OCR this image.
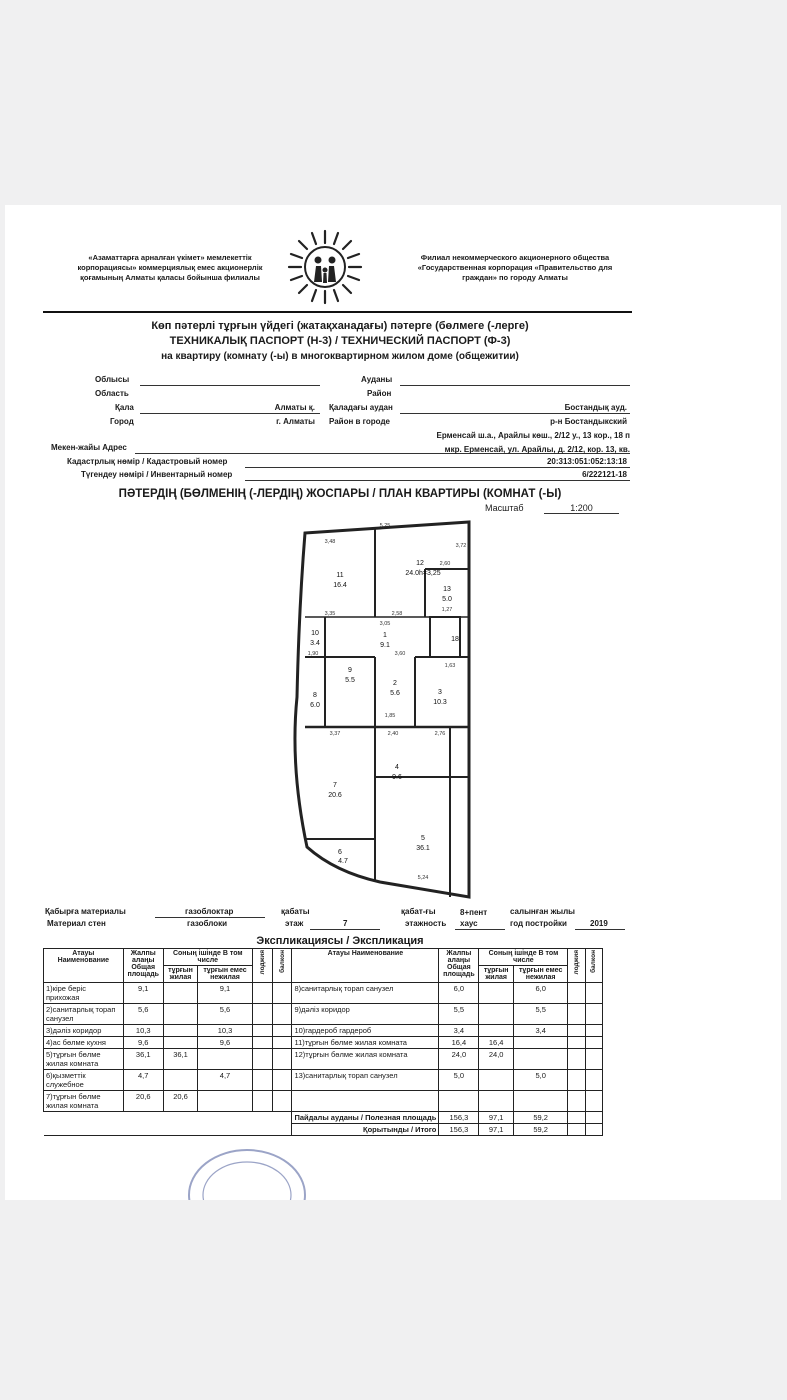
«Азаматтарға арналған үкімет» мемлекеттік корпорациясы» коммерциялық емес акционерлік қоғамының Алматы қаласы бойынша филиалы
Филиал некоммерческого акционерного общества «Государственная корпорация «Правительство для граждан» по городу Алматы
Көп пәтерлі тұрғын үйдегі (жатақханадағы) пәтерге (бөлмеге (-лерге)
ТЕХНИКАЛЫҚ ПАСПОРТ (Н-3) / ТЕХНИЧЕСКИЙ ПАСПОРТ (Ф-3)
на квартиру (комнату (-ы) в многоквартирном жилом доме (общежитии)
Облысы
Область
Қала	Алматы қ.
Город	г. Алматы
Ауданы
Район
Қаладағы аудан	Бостандық ауд.
Район в городе	р-н Бостандыкский
Мекен-жайы Адрес
Ерменсай ш.а., Арайлы көш., 2/12 у., 13 кор., 18 п
мкр. Ерменсай, ул. Арайлы, д. 2/12, кор. 13, кв.
Кадастрлық нөмір / Кадастровый номер	20:313:051:052:13:18
Түгендеу нөмірі / Инвентарный номер	6/222121-18
ПӘТЕРДІҢ (БӨЛМЕНІҢ (-ЛЕРДІҢ) ЖОСПАРЫ / ПЛАН КВАРТИРЫ (КОМНАТ (-Ы)
Масштаб	1:200
12
24.0h=3,25
11
16.4
13
5.0
10
3.4
1
9.1
18
9
5.5
8
6.0
2
5.6	3
10.3
7
20.6
4
9.6
6
4.7
5
36.1
5,25
3,48
3,72
2,60
1,27
3,35	2,58
3,05
1,90	3,60
1,63
1,85
3,37	2,40	2,76
5,24
Қабырға материалы
Материал стен
газоблоктар
газоблоки
қабаты
этаж	7
қабат-ғы
этажность
8+пент хаус
салынған жылы
год постройки	2019
Экспликациясы / Экспликация
Атауы Наименование	Жалпы алаңы Общая площадь	Соның ішінде В том числе		лоджия	балкон	Атауы Наименование	Жалпы алаңы Общая площадь	Соның ішінде В том числе		лоджия	балкон
		тұрғын жилая	тұрғын емес нежилая					тұрғын жилая	тұрғын емес нежилая		
1)кіре беріс прихожая	9,1		9,1			8)санитарлық торап санузел	6,0		6,0		
2)санитарлық торап санузел	5,6		5,6			9)дәліз коридор	5,5		5,5		
3)дәліз коридор	10,3		10,3			10)гардероб гардероб	3,4		3,4		
4)ас бөлме кухня	9,6		9,6			11)тұрғын бөлме жилая комната	16,4	16,4			
5)тұрғын бөлме жилая комната	36,1	36,1				12)тұрғын бөлме жилая комната	24,0	24,0			
6)қызметтік служебное	4,7		4,7			13)санитарлық торап санузел	5,0		5,0		
7)тұрғын бөлме жилая комната	20,6	20,6									
						Пайдалы ауданы / Полезная площадь	156,3	97,1	59,2		
						Қорытынды / Итого	156,3	97,1	59,2		
